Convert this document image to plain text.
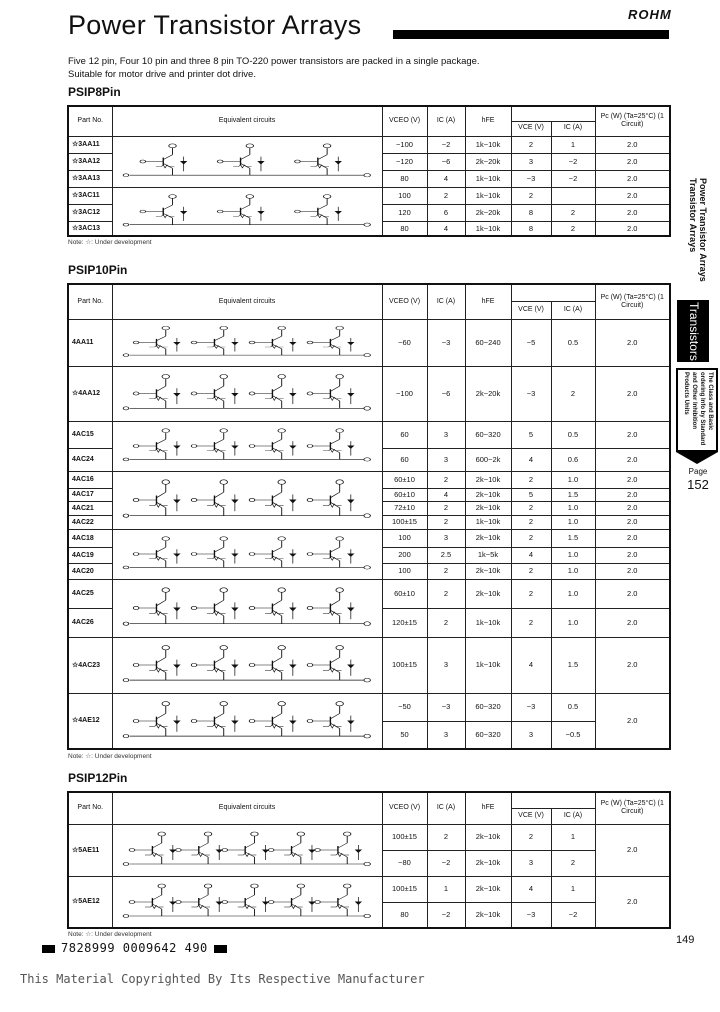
Power Transistor Arrays	ROHM
Five 12 pin, Four 10 pin and three 8 pin TO-220 power transistors are packed in a single package.
Suitable for motor drive and printer dot drive.
PSIP8Pin
Part No.	Equivalent circuits	VCEO (V)	IC (A)	hFE			Pc (W) (Ta=25°C) (1 Circuit)
					VCE (V)	IC (A)	
☆3AA11		−100	−2	1k~10k	2	1	2.0
☆3AA12		−120	−6	2k~20k	3	−2	2.0
☆3AA13		80	4	1k~10k	−3	−2	2.0
☆3AC11		100	2	1k~10k	2		2.0
☆3AC12		120	6	2k~20k	8	2	2.0
☆3AC13		80	4	1k~10k	8	2	2.0
Note: ☆: Under development
PSIP10Pin
Part No.	Equivalent circuits	VCEO (V)	IC (A)	hFE			Pc (W) (Ta=25°C) (1 Circuit)
					VCE (V)	IC (A)	
4AA11		−60	−3	60~240	−5	0.5	2.0
☆4AA12		−100	−6	2k~20k	−3	2	2.0
4AC15		60	3	60~320	5	0.5	2.0
4AC24		60	3	600~2k	4	0.6	2.0
4AC16		60±10	2	2k~10k	2	1.0	2.0
4AC17		60±10	4	2k~10k	5	1.5	2.0
4AC21		72±10	2	2k~10k	2	1.0	2.0
4AC22		100±15	2	1k~10k	2	1.0	2.0
4AC18		100	3	2k~10k	2	1.5	2.0
4AC19		200	2.5	1k~5k	4	1.0	2.0
4AC20		100	2	2k~10k	2	1.0	2.0
4AC25		60±10	2	2k~10k	2	1.0	2.0
4AC26		120±15	2	1k~10k	2	1.0	2.0
☆4AC23		100±15	3	1k~10k	4	1.5	2.0
☆4AE12		−50	−3	60~320	−3	0.5	2.0
		50	3	60~320	3	−0.5	
Note: ☆: Under development
PSIP12Pin
Part No.	Equivalent circuits	VCEO (V)	IC (A)	hFE			Pc (W) (Ta=25°C) (1 Circuit)
					VCE (V)	IC (A)	
☆5AE11		100±15	2	2k~10k	2	1	2.0
		−80	−2	2k~10k	3	2	
☆5AE12		100±15	1	2k~10k	4	1	2.0
		80	−2	2k~10k	−3	−2	
Note: ☆: Under development
Power Transistor Arrays
Transistor Arrays
Transistors
The Class and Basic ordering Info by Standard and Other Inhibition Products Units
Page
152
7828999 0009642 490
149
This Material Copyrighted By Its Respective Manufacturer
